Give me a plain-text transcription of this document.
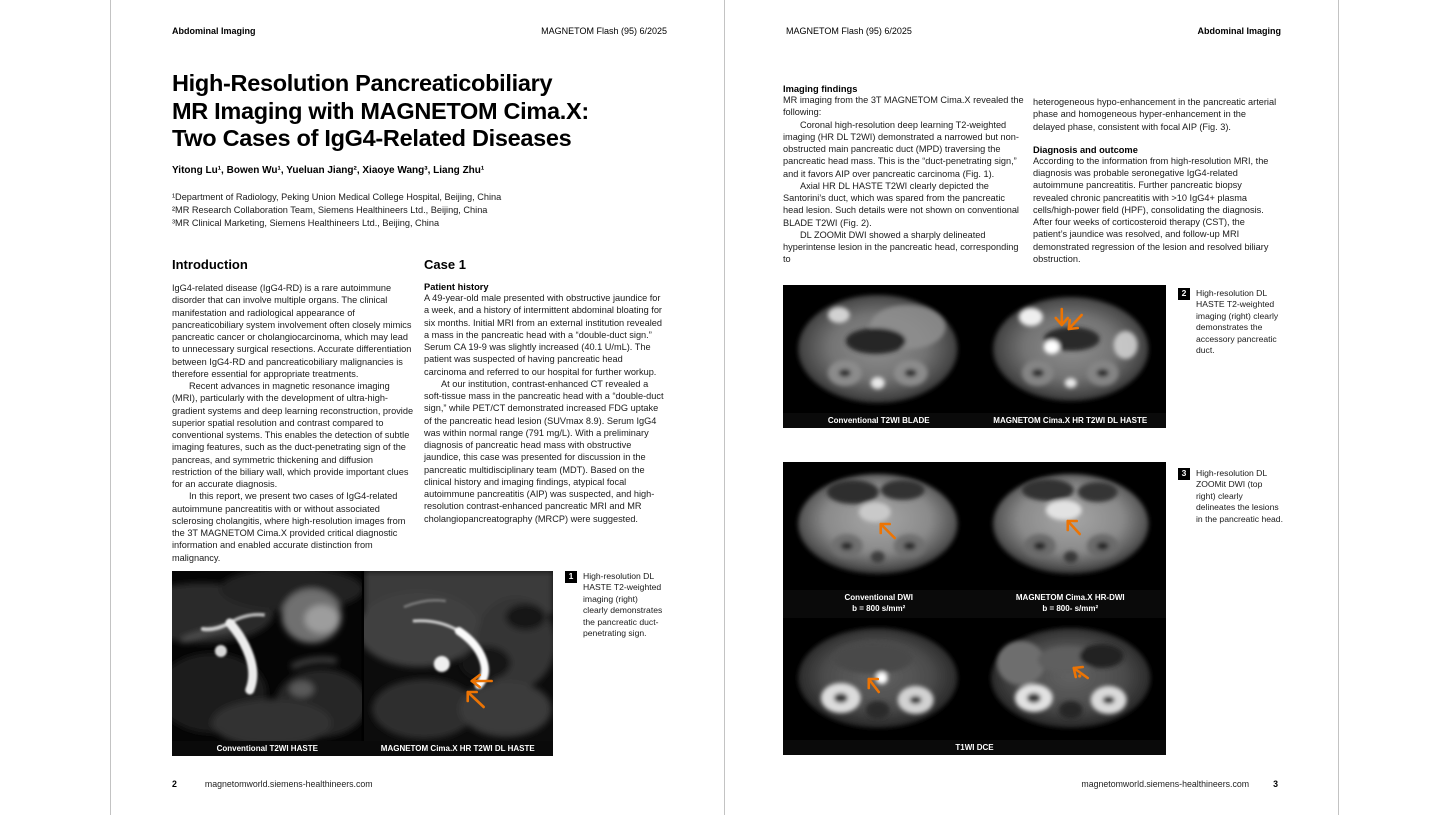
Abdominal Imaging	MAGNETOM Flash (95) 6/2025
High-Resolution Pancreaticobiliary
MR Imaging with MAGNETOM Cima.X:
Two Cases of IgG4-Related Diseases
Yitong Lu¹, Bowen Wu¹, Yueluan Jiang², Xiaoye Wang³, Liang Zhu¹
¹Department of Radiology, Peking Union Medical College Hospital, Beijing, China
²MR Research Collaboration Team, Siemens Healthineers Ltd., Beijing, China
³MR Clinical Marketing, Siemens Healthineers Ltd., Beijing, China
Introduction

IgG4-related disease (IgG4-RD) is a rare autoimmune disorder that can involve multiple organs. The clinical manifestation and radiological appearance of pancreaticobiliary system involvement often closely mimics pancreatic cancer or cholangiocarcinoma, which may lead to unnecessary surgical resections. Accurate differentiation between IgG4-RD and pancreaticobiliary malignancies is therefore essential for appropriate treatments.

Recent advances in magnetic resonance imaging (MRI), particularly with the development of ultra-high-gradient systems and deep learning reconstruction, provide superior spatial resolution and contrast compared to conventional systems. This enables the detection of subtle imaging features, such as the duct-penetrating sign of the pancreas, and symmetric thickening and diffusion restriction of the biliary wall, which provide important clues for an accurate diagnosis.

In this report, we present two cases of IgG4-related autoimmune pancreatitis with or without associated sclerosing cholangitis, where high-resolution images from the 3T MAGNETOM Cima.X provided critical diagnostic information and enabled accurate distinction from malignancy.

Case 1
Patient history

A 49-year-old male presented with obstructive jaundice for a week, and a history of intermittent abdominal bloating for six months. Initial MRI from an external institution revealed a mass in the pancreatic head with a “double-duct sign.” Serum CA 19-9 was slightly increased (40.1 U/mL). The patient was suspected of having pancreatic head carcinoma and referred to our hospital for further workup.

At our institution, contrast-enhanced CT revealed a soft-tissue mass in the pancreatic head with a “double-duct sign,” while PET/CT demonstrated increased FDG uptake of the pancreatic head lesion (SUVmax 8.9). Serum IgG4 was within normal range (791 mg/L). With a preliminary diagnosis of pancreatic head mass with obstructive jaundice, this case was presented for discussion in the pancreatic multidisciplinary team (MDT). Based on the clinical history and imaging findings, atypical focal autoimmune pancreatitis (AIP) was suspected, and high-resolution contrast-enhanced pancreatic MRI and MR cholangiopancreatography (MRCP) were suggested.

Conventional T2WI HASTE	MAGNETOM Cima.X HR T2WI DL HASTE
1	High-resolution DL HASTE T2-weighted imaging (right) clearly demonstrates the pancreatic duct-penetrating sign.
2	magnetomworld.siemens-healthineers.com
MAGNETOM Flash (95) 6/2025	Abdominal Imaging
Imaging findings

MR imaging from the 3T MAGNETOM Cima.X revealed the following:

Coronal high-resolution deep learning T2-weighted imaging (HR DL T2WI) demonstrated a narrowed but non-obstructed main pancreatic duct (MPD) traversing the pancreatic head mass. This is the “duct-penetrating sign,” and it favors AIP over pancreatic carcinoma (Fig. 1).

Axial HR DL HASTE T2WI clearly depicted the Santorini’s duct, which was spared from the pancreatic head lesion. Such details were not shown on conventional BLADE T2WI (Fig. 2).

DL ZOOMit DWI showed a sharply delineated hyperintense lesion in the pancreatic head, corresponding to

heterogeneous hypo-enhancement in the pancreatic arterial phase and homogeneous hyper-enhancement in the delayed phase, consistent with focal AIP (Fig. 3).

Diagnosis and outcome

According to the information from high-resolution MRI, the diagnosis was probable seronegative IgG4-related autoimmune pancreatitis. Further pancreatic biopsy revealed chronic pancreatitis with >10 IgG4+ plasma cells/high-power field (HPF), consolidating the diagnosis. After four weeks of corticosteroid therapy (CST), the patient’s jaundice was resolved, and follow-up MRI demonstrated regression of the lesion and resolved biliary obstruction.

Conventional T2WI BLADE	MAGNETOM Cima.X HR T2WI DL HASTE
2	High-resolution DL HASTE T2-weighted imaging (right) clearly demonstrates the accessory pancreatic duct.
Conventional DWI
b = 800 s/mm²
MAGNETOM Cima.X HR-DWI
b = 800- s/mm²
T1WI DCE
3	High-resolution DL ZOOMit DWI (top right) clearly delineates the lesions in the pancreatic head.
magnetomworld.siemens-healthineers.com	3
